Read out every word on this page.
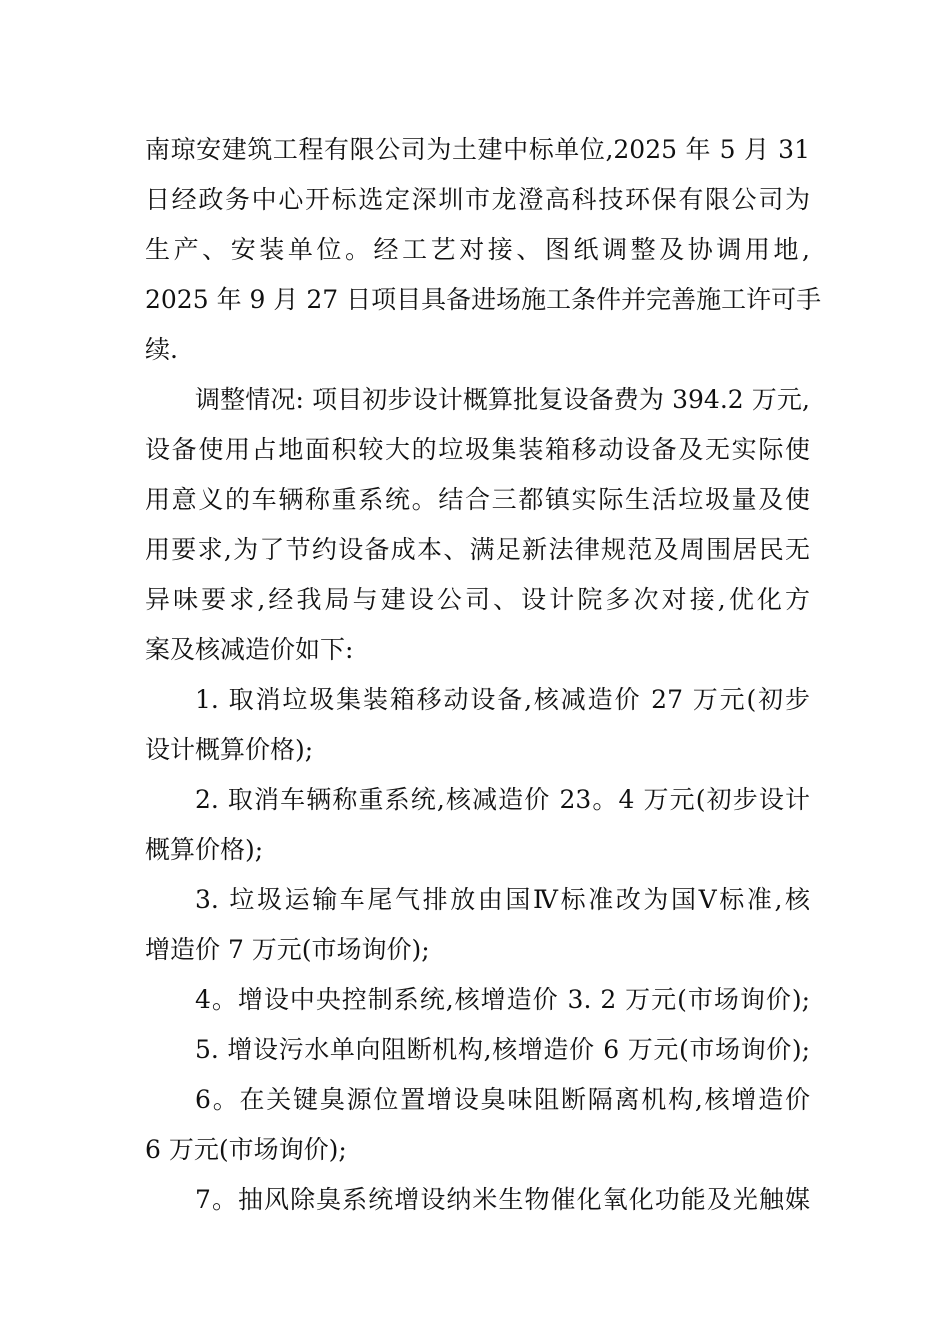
南琼安建筑工程有限公司为土建中标单位,2025 年 5 月 31
日经政务中心开标选定深圳市龙澄高科技环保有限公司为
生产、安装单位。经工艺对接、图纸调整及协调用地,
2025 年 9 月 27 日项目具备进场施工条件并完善施工许可手
续.
调整情况: 项目初步设计概算批复设备费为 394.2 万元,
设备使用占地面积较大的垃圾集装箱移动设备及无实际使
用意义的车辆称重系统。结合三都镇实际生活垃圾量及使
用要求,为了节约设备成本、满足新法律规范及周围居民无
异味要求,经我局与建设公司、设计院多次对接,优化方
案及核减造价如下:
1. 取消垃圾集装箱移动设备,核减造价 27 万元(初步
设计概算价格);
2. 取消车辆称重系统,核减造价 23。4 万元(初步设计
概算价格);
3. 垃圾运输车尾气排放由国Ⅳ标准改为国Ⅴ标准,核
增造价 7 万元(市场询价);
4。增设中央控制系统,核增造价 3. 2 万元(市场询价);
5. 增设污水单向阻断机构,核增造价 6 万元(市场询价);
6。在关键臭源位置增设臭味阻断隔离机构,核增造价
6 万元(市场询价);
7。抽风除臭系统增设纳米生物催化氧化功能及光触媒
